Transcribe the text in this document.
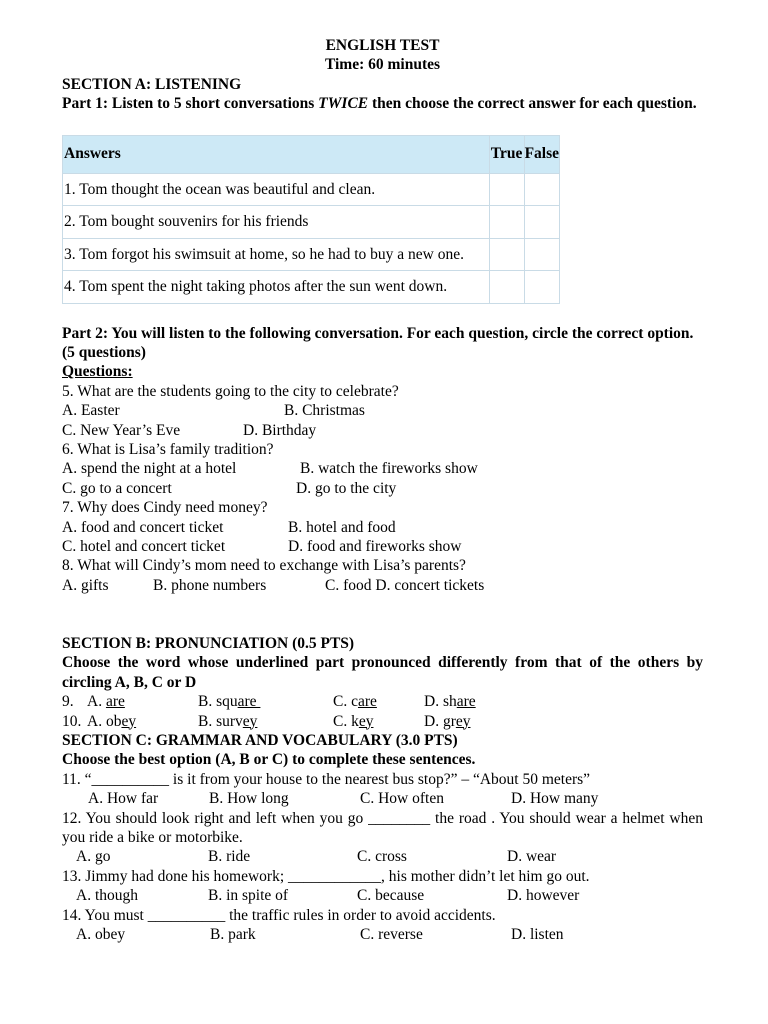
ENGLISH TEST
Time: 60 minutes
SECTION A: LISTENING
Part 1: Listen to 5 short conversations TWICE then choose the correct answer for each question.
Answers	True	False
1. Tom thought the ocean was beautiful and clean.		
2. Tom bought souvenirs for his friends		
3. Tom forgot his swimsuit at home, so he had to buy a new one.		
4. Tom spent the night taking photos after the sun went down.		
Part 2: You will listen to the following conversation. For each question, circle the correct option. (5 questions)
Questions:
5. What are the students going to the city to celebrate?
A. Easter	B. Christmas
C. New Year’s Eve	D. Birthday
6. What is Lisa’s family tradition?
A. spend the night at a hotel	B. watch the fireworks show
C. go to a concert	D. go to the city
7. Why does Cindy need money?
A. food and concert ticket	B. hotel and food
C. hotel and concert ticket	D. food and fireworks show
8. What will Cindy’s mom need to exchange with Lisa’s parents?
A. gifts	B. phone numbers	C. food D. concert tickets
SECTION B: PRONUNCIATION (0.5 PTS)
Choose the word whose underlined part pronounced differently from that of the others by circling A, B, C or D
9. A. are	B. square	C. care	D. share
10. A. obey	B. survey	C. key	D. grey
SECTION C: GRAMMAR AND VOCABULARY (3.0 PTS)
Choose the best option (A, B or C) to complete these sentences.
11. “__________ is it from your house to the nearest bus stop?” – “About 50 meters”
A. How far	B. How long	C. How often	D. How many
12. You should look right and left when you go ________ the road . You should wear a helmet when you ride a bike or motorbike.
A. go	B. ride	C. cross	D. wear
13. Jimmy had done his homework; ____________, his mother didn’t let him go out.
A. though	B. in spite of	C. because	D. however
14. You must __________ the traffic rules in order to avoid accidents.
A. obey	B. park	C. reverse	D. listen
